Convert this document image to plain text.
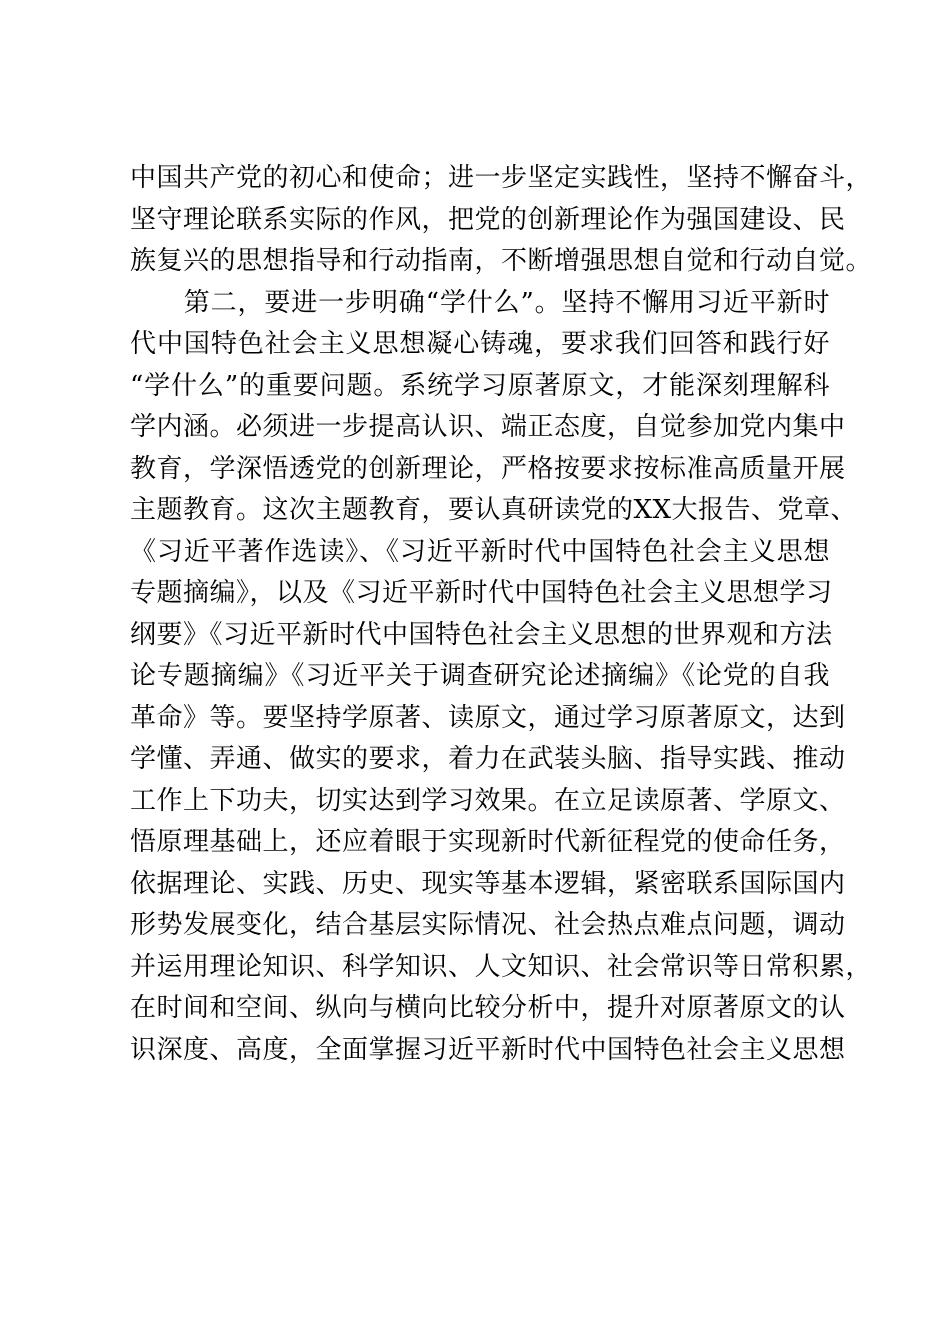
中国共产党的初心和使命；进一步坚定实践性，坚持不懈奋斗，
坚守理论联系实际的作风，把党的创新理论作为强国建设、民
族复兴的思想指导和行动指南，不断增强思想自觉和行动自觉。
　　第二，要进一步明确“学什么”。坚持不懈用习近平新时
代中国特色社会主义思想凝心铸魂，要求我们回答和践行好
“学什么”的重要问题。系统学习原著原文，才能深刻理解科
学内涵。必须进一步提高认识、端正态度，自觉参加党内集中
教育，学深悟透党的创新理论，严格按要求按标准高质量开展
主题教育。这次主题教育，要认真研读党的XX大报告、党章、
《习近平著作选读》、《习近平新时代中国特色社会主义思想
专题摘编》，以及《习近平新时代中国特色社会主义思想学习
纲要》《习近平新时代中国特色社会主义思想的世界观和方法
论专题摘编》《习近平关于调查研究论述摘编》《论党的自我
革命》等。要坚持学原著、读原文，通过学习原著原文，达到
学懂、弄通、做实的要求，着力在武装头脑、指导实践、推动
工作上下功夫，切实达到学习效果。在立足读原著、学原文、
悟原理基础上，还应着眼于实现新时代新征程党的使命任务，
依据理论、实践、历史、现实等基本逻辑，紧密联系国际国内
形势发展变化，结合基层实际情况、社会热点难点问题，调动
并运用理论知识、科学知识、人文知识、社会常识等日常积累，
在时间和空间、纵向与横向比较分析中，提升对原著原文的认
识深度、高度，全面掌握习近平新时代中国特色社会主义思想
